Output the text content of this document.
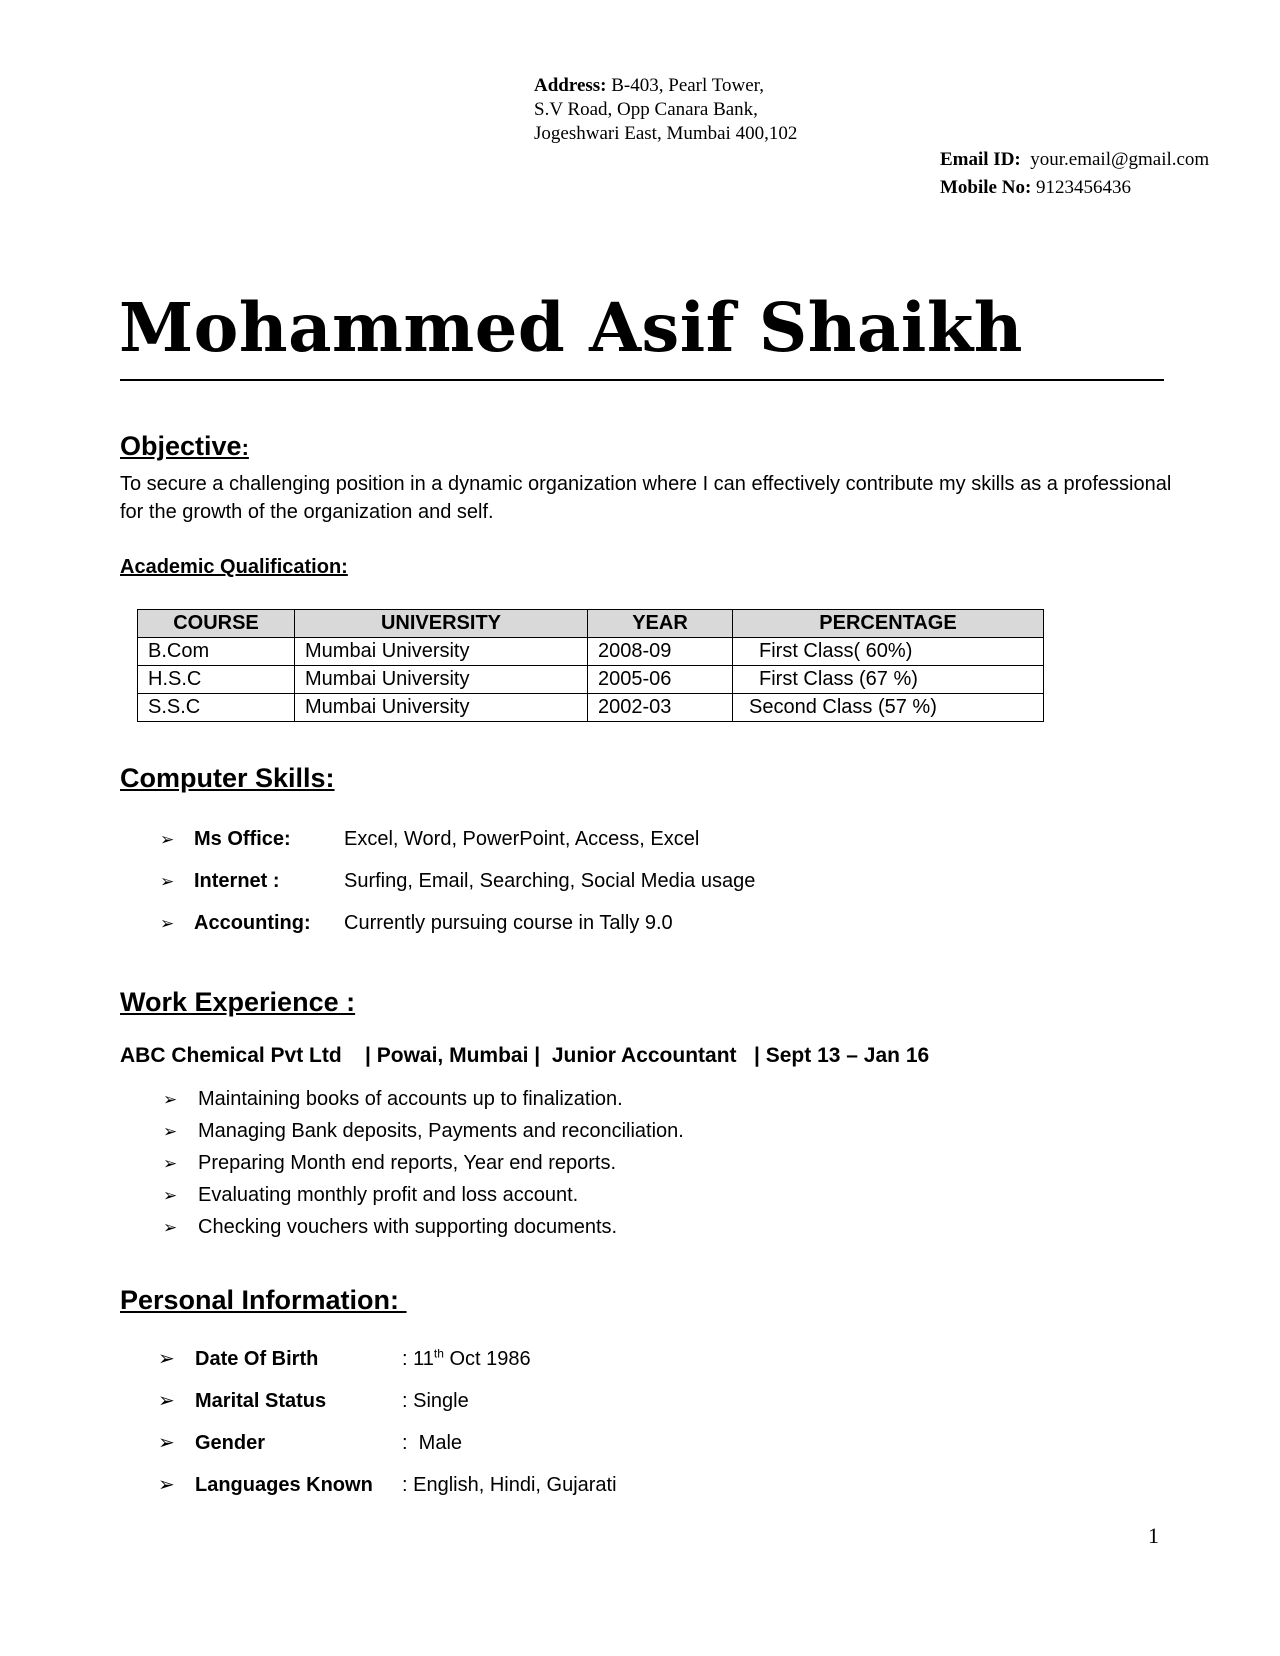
Address: B-403, Pearl Tower,
S.V Road, Opp Canara Bank,
Jogeshwari East, Mumbai 400,102
Email ID: your.email@gmail.com
Mobile No: 9123456436
Mohammed Asif Shaikh
Objective:
To secure a challenging position in a dynamic organization where I can effectively contribute my skills as a professional for the growth of the organization and self.
Academic Qualification:
COURSE	UNIVERSITY	YEAR	PERCENTAGE
B.Com	Mumbai University	2008-09	First Class( 60%)
H.S.C	Mumbai University	2005-06	First Class (67 %)
S.S.C	Mumbai University	2002-03	Second Class (57 %)
Computer Skills:
➢ Ms Office:	Excel, Word, PowerPoint, Access, Excel
➢ Internet :	Surfing, Email, Searching, Social Media usage
➢ Accounting: Currently pursuing course in Tally 9.0
Work Experience :
ABC Chemical Pvt Ltd    | Powai, Mumbai |  Junior Accountant   | Sept 13 – Jan 16
➢ Maintaining books of accounts up to finalization.
➢ Managing Bank deposits, Payments and reconciliation.
➢ Preparing Month end reports, Year end reports.
➢ Evaluating monthly profit and loss account.
➢ Checking vouchers with supporting documents.
Personal Information:
➢ Date Of Birth	: 11th Oct 1986
➢ Marital Status	: Single
➢ Gender	:  Male
➢ Languages Known : English, Hindi, Gujarati
1
